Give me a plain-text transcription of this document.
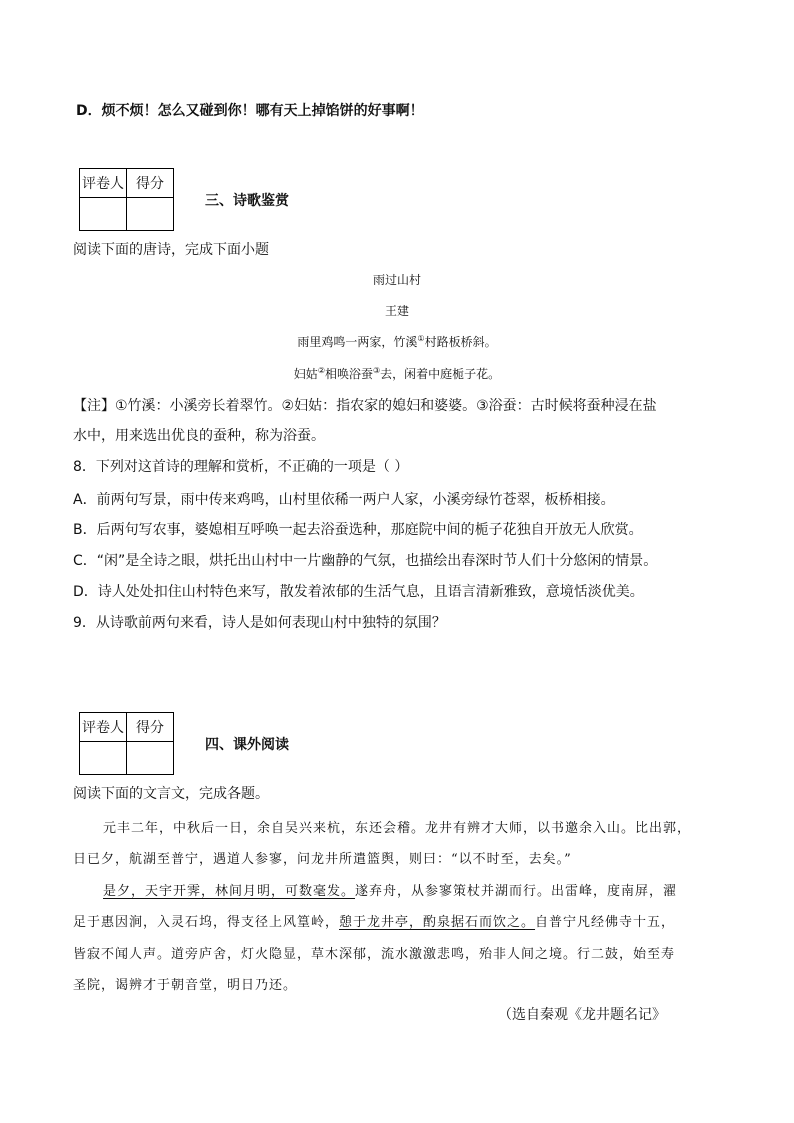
D．烦不烦！怎么又碰到你！哪有天上掉馅饼的好事啊！
评卷人	得分

三、诗歌鉴赏
阅读下面的唐诗，完成下面小题
雨过山村
王建
雨里鸡鸣一两家，竹溪①村路板桥斜。
妇姑②相唤浴蚕③去，闲着中庭栀子花。
【注】①竹溪：小溪旁长着翠竹。②妇姑：指农家的媳妇和婆婆。③浴蚕：古时候将蚕种浸在盐
水中，用来选出优良的蚕种，称为浴蚕。
8．下列对这首诗的理解和赏析，不正确的一项是（ ）
A．前两句写景，雨中传来鸡鸣，山村里依稀一两户人家，小溪旁绿竹苍翠，板桥相接。
B．后两句写农事，婆媳相互呼唤一起去浴蚕选种，那庭院中间的栀子花独自开放无人欣赏。
C．“闲”是全诗之眼，烘托出山村中一片幽静的气氛，也描绘出春深时节人们十分悠闲的情景。
D．诗人处处扣住山村特色来写，散发着浓郁的生活气息，且语言清新雅致，意境恬淡优美。
9．从诗歌前两句来看，诗人是如何表现山村中独特的氛围？
评卷人	得分

四、课外阅读
阅读下面的文言文，完成各题。
元丰二年，中秋后一日，余自吴兴来杭，东还会稽。龙井有辨才大师，以书邀余入山。比出郭，
日已夕，航湖至普宁，遇道人参寥，问龙井所遣篮舆，则曰：“以不时至，去矣。”
是夕，天宇开霁，林间月明，可数毫发。遂弃舟，从参寥策杖并湖而行。出雷峰，度南屏，濯
足于惠因涧，入灵石坞，得支径上风篁岭，憩于龙井亭，酌泉据石而饮之。自普宁凡经佛寺十五，
皆寂不闻人声。道旁庐舍，灯火隐显，草木深郁，流水激激悲鸣，殆非人间之境。行二鼓，始至寿
圣院，谒辨才于朝音堂，明日乃还。
（选自秦观《龙井题名记》
